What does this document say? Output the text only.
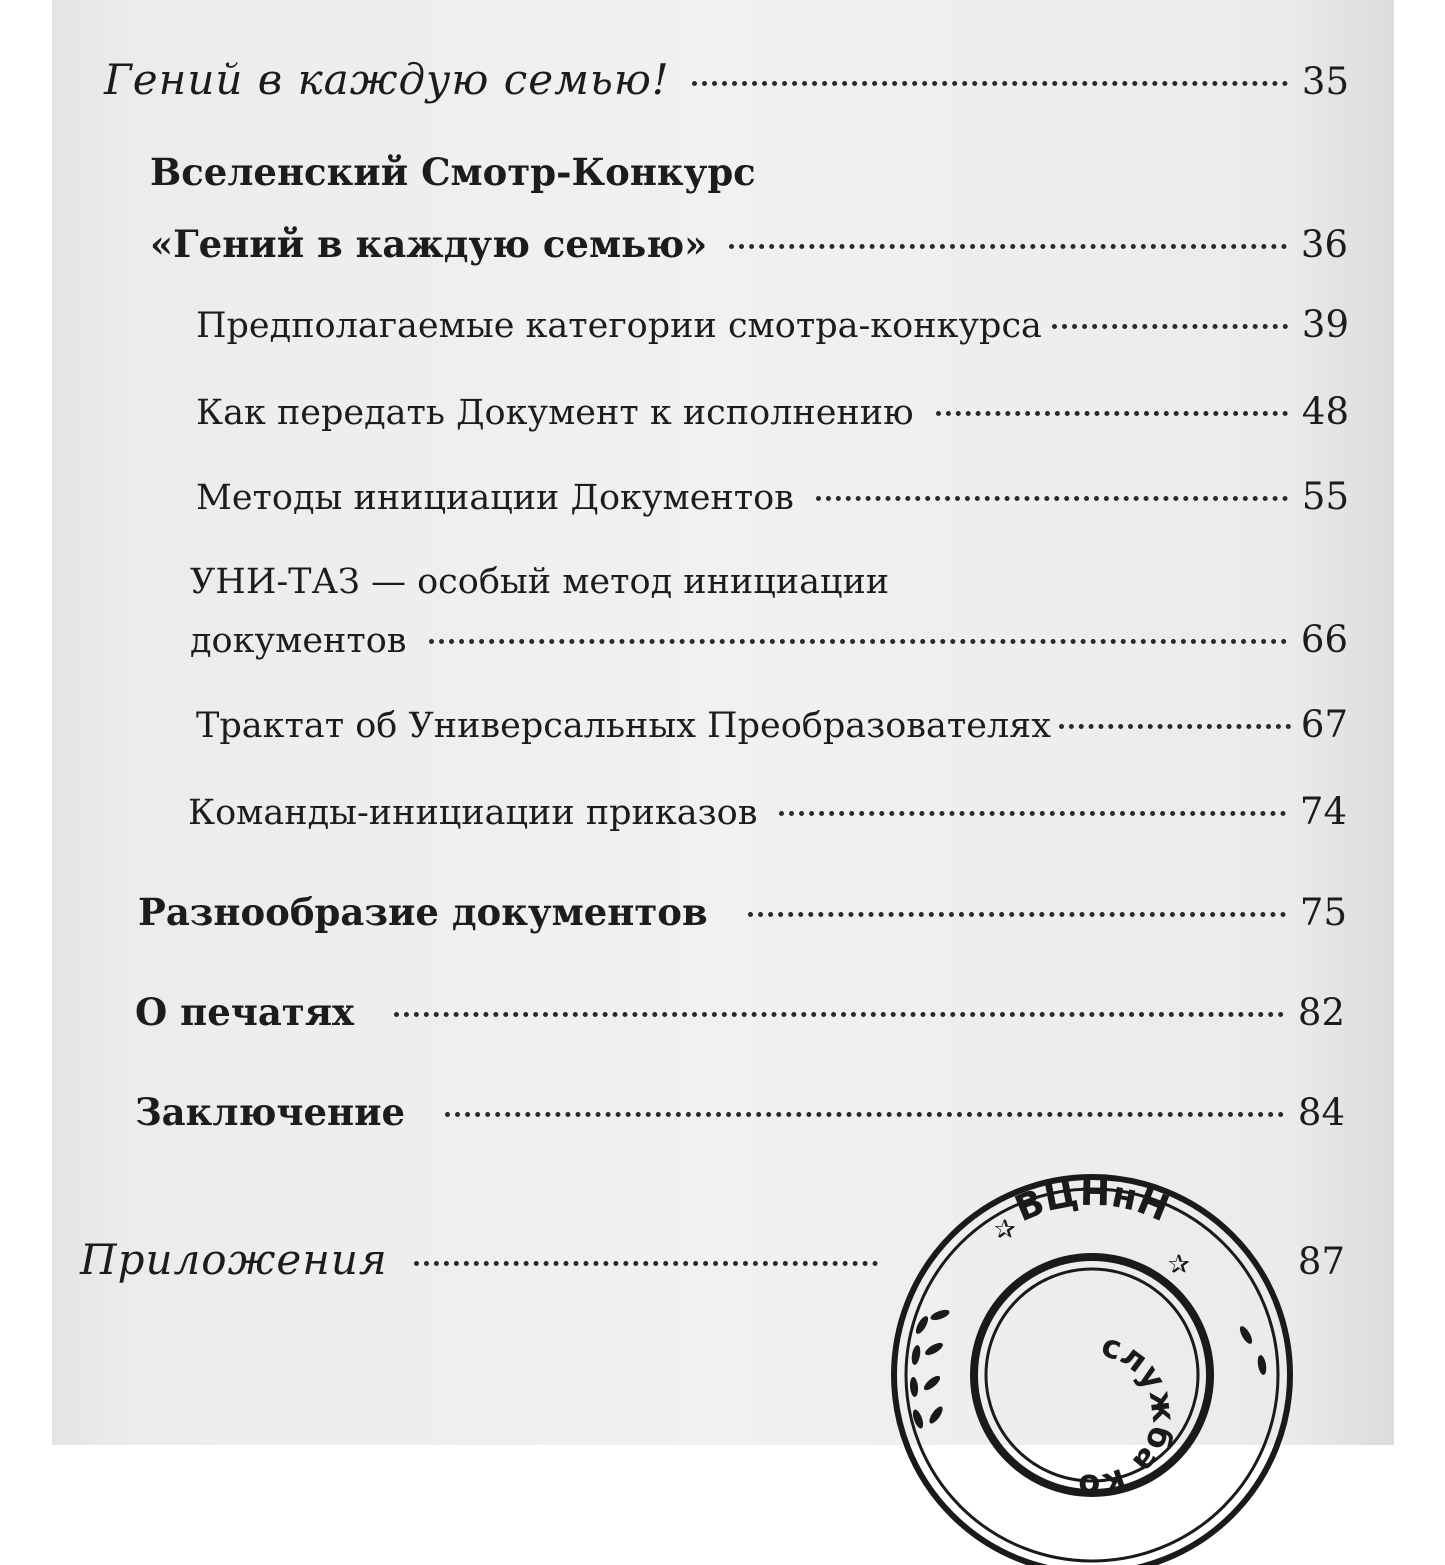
Гений в каждую семью!	35
Вселенский Смотр-Конкурс
«Гений в каждую семью»	36
Предполагаемые категории смотра-конкурса	39
Как передать Документ к исполнению	48
Методы инициации Документов	55
УНИ-ТАЗ — особый метод инициации
документов	66
Трактат об Универсальных Преобразователях	67
Команды-инициации приказов	74
Разнообразие документов	75
О печатях	82
Заключение	84
Приложения	87
ВЦНнН
✰
✰
служба ко
